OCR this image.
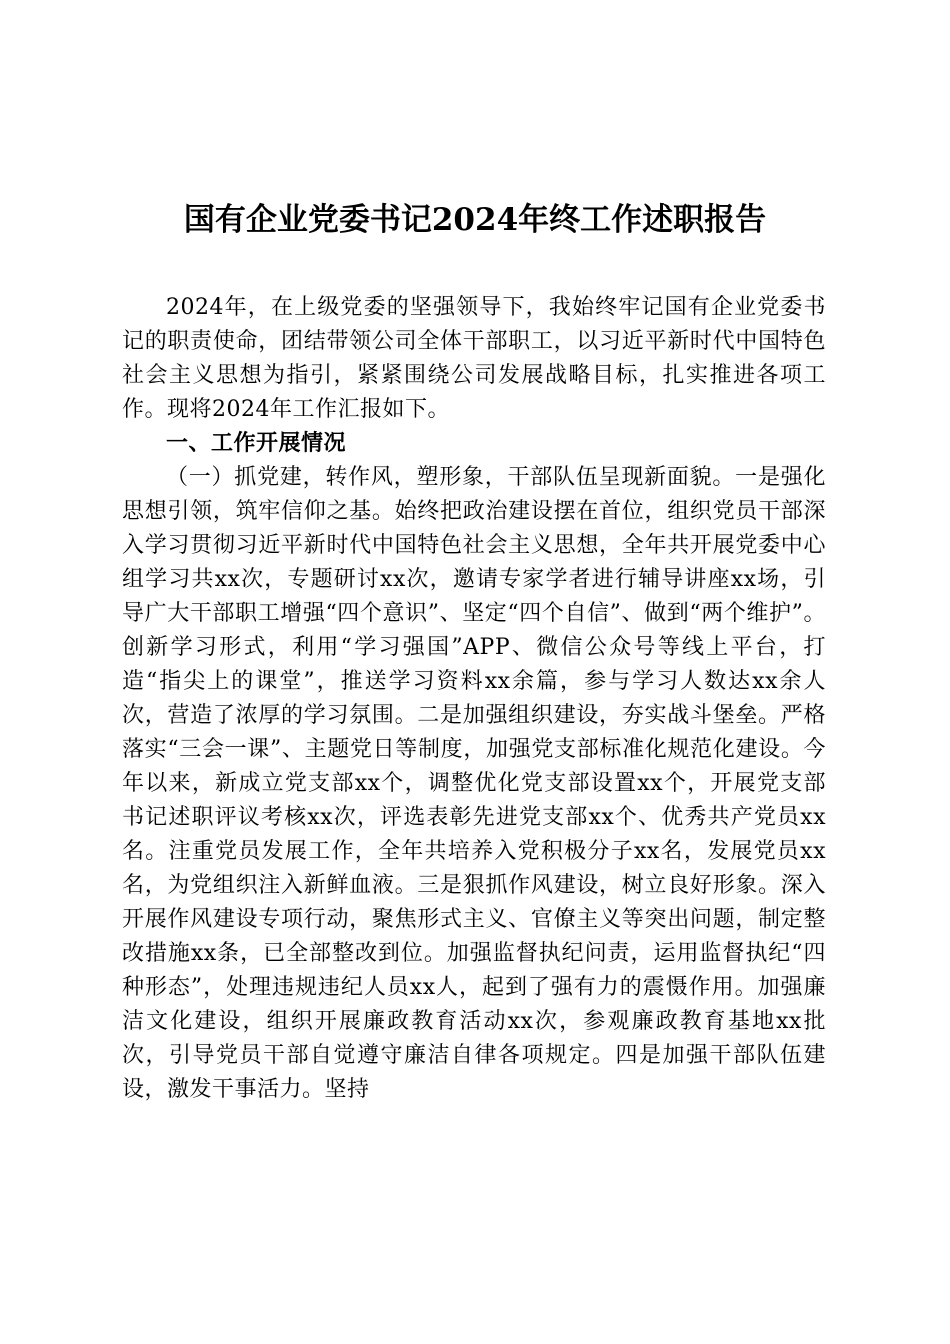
国有企业党委书记2024年终工作述职报告

2024年，在上级党委的坚强领导下，我始终牢记国有企业党委书记的职责使命，团结带领公司全体干部职工，以习近平新时代中国特色社会主义思想为指引，紧紧围绕公司发展战略目标，扎实推进各项工作。现将2024年工作汇报如下。

一、工作开展情况

（一）抓党建，转作风，塑形象，干部队伍呈现新面貌。一是强化思想引领，筑牢信仰之基。始终把政治建设摆在首位，组织党员干部深入学习贯彻习近平新时代中国特色社会主义思想，全年共开展党委中心组学习共xx次，专题研讨xx次，邀请专家学者进行辅导讲座xx场，引导广大干部职工增强“四个意识”、坚定“四个自信”、做到“两个维护”。创新学习形式，利用“学习强国”APP、微信公众号等线上平台，打造“指尖上的课堂”，推送学习资料xx余篇，参与学习人数达xx余人次，营造了浓厚的学习氛围。二是加强组织建设，夯实战斗堡垒。严格落实“三会一课”、主题党日等制度，加强党支部标准化规范化建设。今年以来，新成立党支部xx个，调整优化党支部设置xx个，开展党支部书记述职评议考核xx次，评选表彰先进党支部xx个、优秀共产党员xx名。注重党员发展工作，全年共培养入党积极分子xx名，发展党员xx名，为党组织注入新鲜血液。三是狠抓作风建设，树立良好形象。深入开展作风建设专项行动，聚焦形式主义、官僚主义等突出问题，制定整改措施xx条，已全部整改到位。加强监督执纪问责，运用监督执纪“四种形态”，处理违规违纪人员xx人，起到了强有力的震慑作用。加强廉洁文化建设，组织开展廉政教育活动xx次，参观廉政教育基地xx批次，引导党员干部自觉遵守廉洁自律各项规定。四是加强干部队伍建设，激发干事活力。坚持
